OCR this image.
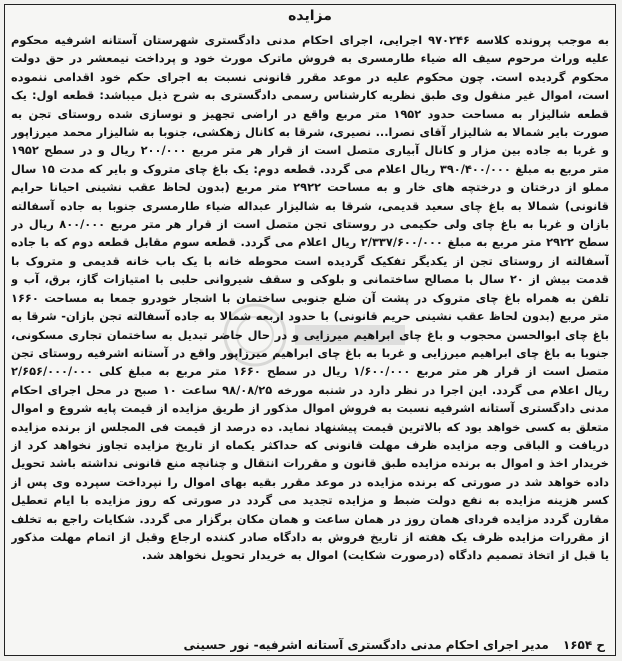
مزایده
به موجب پرونده کلاسه ۹۷۰۲۴۶ اجرایی، اجرای احکام مدنی دادگستری شهرستان آستانه اشرفیه محکوم علیه وراث مرحوم سیف اله ضیاء طارمسری به فروش ماترک مورث خود و پرداخت نیمعشر در حق دولت محکوم گردیده است. چون محکوم علیه در موعد مقرر قانونی نسبت به اجرای حکم خود اقدامی ننموده است، اموال غیر منقول وی طبق نظریه کارشناس رسمی دادگستری به شرح ذیل میباشد: قطعه اول: یک قطعه شالیزار به مساحت حدود ۱۹۵۲ متر مربع واقع در اراضی تجهیز و نوسازی شده روستای تجن به صورت بایر شمالا به شالیزار آقای نصرا... نصیری، شرقا به کانال زهکشی، جنوبا به شالیزار محمد میرزاپور و غربا به جاده بین مزار و کانال آبیاری متصل است از قرار هر متر مربع ۲۰۰/۰۰۰ ریال و در سطح ۱۹۵۲ متر مربع به مبلغ ۳۹۰/۴۰۰/۰۰۰ ریال اعلام می گردد. قطعه دوم: یک باغ چای متروک و بایر که مدت ۱۵ سال مملو از درختان و درختچه های خار و به مساحت ۲۹۲۲ متر مربع (بدون لحاظ عقب نشینی احیانا حرایم قانونی) شمالا به باغ چای سعید قدیمی، شرقا به شالیزار عبداله ضیاء طارمسری جنوبا به جاده آسفالته بازان و غربا به باغ چای ولی حکیمی در روستای تجن متصل است از قرار هر متر مربع ۸۰۰/۰۰۰ ریال در سطح ۲۹۲۲ متر مربع به مبلغ ۲/۳۳۷/۶۰۰/۰۰۰ ریال اعلام می گردد. قطعه سوم مقابل قطعه دوم که با جاده آسفالته از روستای تجن از یکدیگر تفکیک گردیده است محوطه خانه با یک باب خانه قدیمی و متروک با قدمت بیش از ۲۰ سال با مصالح ساختمانی و بلوکی و سقف شیروانی حلبی با امتیازات گاز، برق، آب و تلفن به همراه باغ چای متروک در پشت آن ضلع جنوبی ساختمان با اشجار خودرو جمعا به مساحت ۱۶۶۰ متر مربع (بدون لحاظ عقب نشینی حریم قانونی) با حدود اربعه شمالا به جاده آسفالته تجن بازان- شرقا به باغ چای ابوالحسن محجوب و باغ چای ابراهیم میرزایی و در حال حاضر تبدیل به ساختمان تجاری مسکونی، جنوبا به باغ چای ابراهیم میرزایی و غربا به باغ چای ابراهیم میرزاپور واقع در آستانه اشرفیه روستای تجن متصل است از قرار هر متر مربع ۱/۶۰۰/۰۰۰ ریال در سطح ۱۶۶۰ متر مربع به مبلغ کلی ۲/۶۵۶/۰۰۰/۰۰۰ ریال اعلام می گردد. این اجرا در نظر دارد در شنبه مورخه ۹۸/۰۸/۲۵ ساعت ۱۰ صبح در محل اجرای احکام مدنی دادگستری آستانه اشرفیه نسبت به فروش اموال مذکور از طریق مزایده از قیمت پایه شروع و اموال متعلق به کسی خواهد بود که بالاترین قیمت پیشنهاد نماید. ده درصد از قیمت فی المجلس از برنده مزایده دریافت و الباقی وجه مزایده ظرف مهلت قانونی که حداکثر یکماه از تاریخ مزایده تجاوز نخواهد کرد از خریدار اخذ و اموال به برنده مزایده طبق قانون و مقررات انتقال و چنانچه منع قانونی نداشته باشد تحویل داده خواهد شد در صورتی که برنده مزایده در موعد مقرر بقیه بهای اموال را نپرداخت سپرده وی پس از کسر هزینه مزایده به نفع دولت ضبط و مزایده تجدید می گردد در صورتی که روز مزایده با ایام تعطیل مقارن گردد مزایده فردای همان روز در همان ساعت و همان مکان برگزار می گردد. شکایات راجع به تخلف از مقررات مزایده ظرف یک هفته از تاریخ فروش به دادگاه صادر کننده ارجاع وقبل از اتمام مهلت مذکور یا قبل از اتخاذ تصمیم دادگاه (درصورت شکایت) اموال به خریدار تحویل نخواهد شد.
ح ۱۶۵۴
مدیر اجرای احکام مدنی دادگستری آستانه اشرفیه- نور حسینی
